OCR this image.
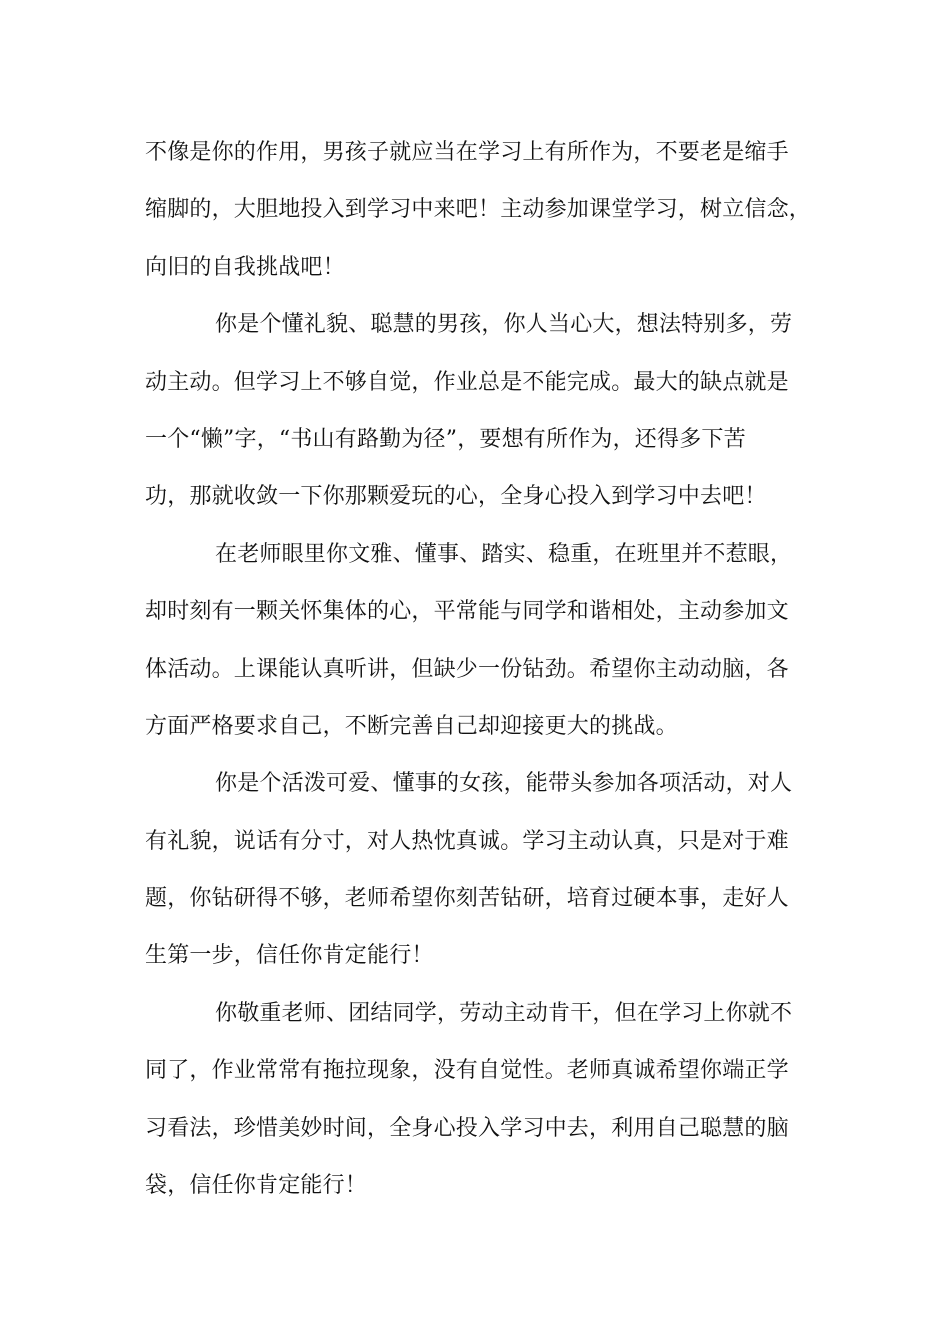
不像是你的作用，男孩子就应当在学习上有所作为，不要老是缩手
缩脚的，大胆地投入到学习中来吧！主动参加课堂学习，树立信念，
向旧的自我挑战吧！
你是个懂礼貌、聪慧的男孩，你人当心大，想法特别多，劳
动主动。但学习上不够自觉，作业总是不能完成。最大的缺点就是
一个“懒”字，“书山有路勤为径”，要想有所作为，还得多下苦
功，那就收敛一下你那颗爱玩的心，全身心投入到学习中去吧！
在老师眼里你文雅、懂事、踏实、稳重，在班里并不惹眼，
却时刻有一颗关怀集体的心，平常能与同学和谐相处，主动参加文
体活动。上课能认真听讲，但缺少一份钻劲。希望你主动动脑，各
方面严格要求自己，不断完善自己却迎接更大的挑战。
你是个活泼可爱、懂事的女孩，能带头参加各项活动，对人
有礼貌，说话有分寸，对人热忱真诚。学习主动认真，只是对于难
题，你钻研得不够，老师希望你刻苦钻研，培育过硬本事，走好人
生第一步，信任你肯定能行！
你敬重老师、团结同学，劳动主动肯干，但在学习上你就不
同了，作业常常有拖拉现象，没有自觉性。老师真诚希望你端正学
习看法，珍惜美妙时间，全身心投入学习中去，利用自己聪慧的脑
袋，信任你肯定能行！
